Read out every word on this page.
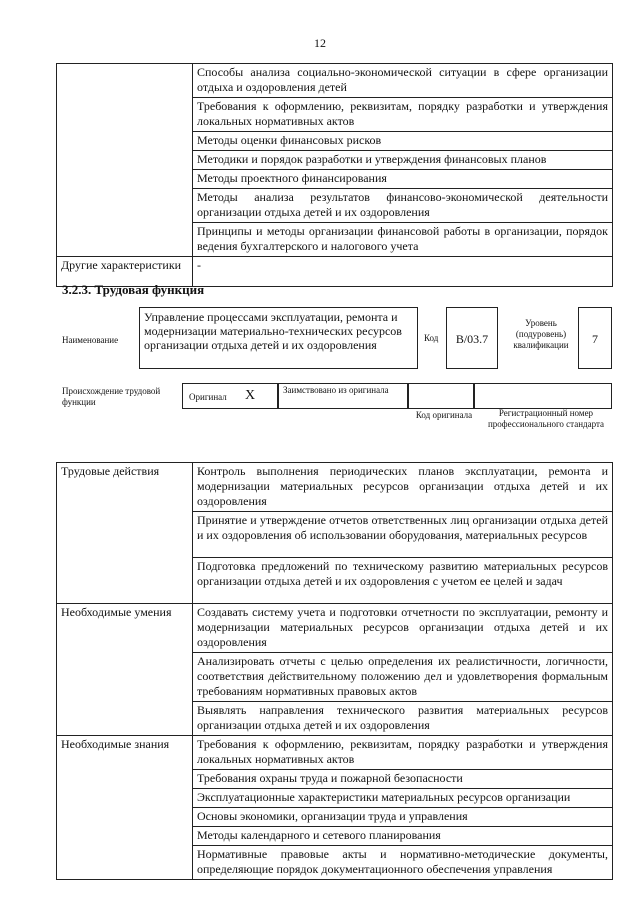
12
	Способы анализа социально-экономической ситуации в сфере организации отдыха и оздоровления детей
	Требования к оформлению, реквизитам, порядку разработки и утверждения локальных нормативных актов
	Методы оценки финансовых рисков
	Методики и порядок разработки и утверждения финансовых планов
	Методы проектного финансирования
	Методы анализа результатов финансово-экономической деятельности организации отдыха детей и их оздоровления
	Принципы и методы организации финансовой работы в организации, порядок ведения бухгалтерского и налогового учета
Другие характеристики	-
3.2.3. Трудовая функция
Наименование
Управление процессами эксплуатации, ремонта и модернизации материально-технических ресурсов организации отдыха детей и их оздоровления	Код	В/03.7
Уровень (подуровень) квалификации	7
Происхождение трудовой функции	Оригинал X	Заимствовано из оригинала
Код оригинала	Регистрационный номер профессионального стандарта
Трудовые действия	Контроль выполнения периодических планов эксплуатации, ремонта и модернизации материальных ресурсов организации отдыха детей и их оздоровления
	Принятие и утверждение отчетов ответственных лиц организации отдыха детей и их оздоровления об использовании оборудования, материальных ресурсов
	Подготовка предложений по техническому развитию материальных ресурсов организации отдыха детей и их оздоровления с учетом ее целей и задач
Необходимые умения	Создавать систему учета и подготовки отчетности по эксплуатации, ремонту и модернизации материальных ресурсов организации отдыха детей и их оздоровления
	Анализировать отчеты с целью определения их реалистичности, логичности, соответствия действительному положению дел и удовлетворения формальным требованиям нормативных правовых актов
	Выявлять направления технического развития материальных ресурсов организации отдыха детей и их оздоровления
Необходимые знания	Требования к оформлению, реквизитам, порядку разработки и утверждения локальных нормативных актов
	Требования охраны труда и пожарной безопасности
	Эксплуатационные характеристики материальных ресурсов организации
	Основы экономики, организации труда и управления
	Методы календарного и сетевого планирования
	Нормативные правовые акты и нормативно-методические документы, определяющие порядок документационного обеспечения управления
